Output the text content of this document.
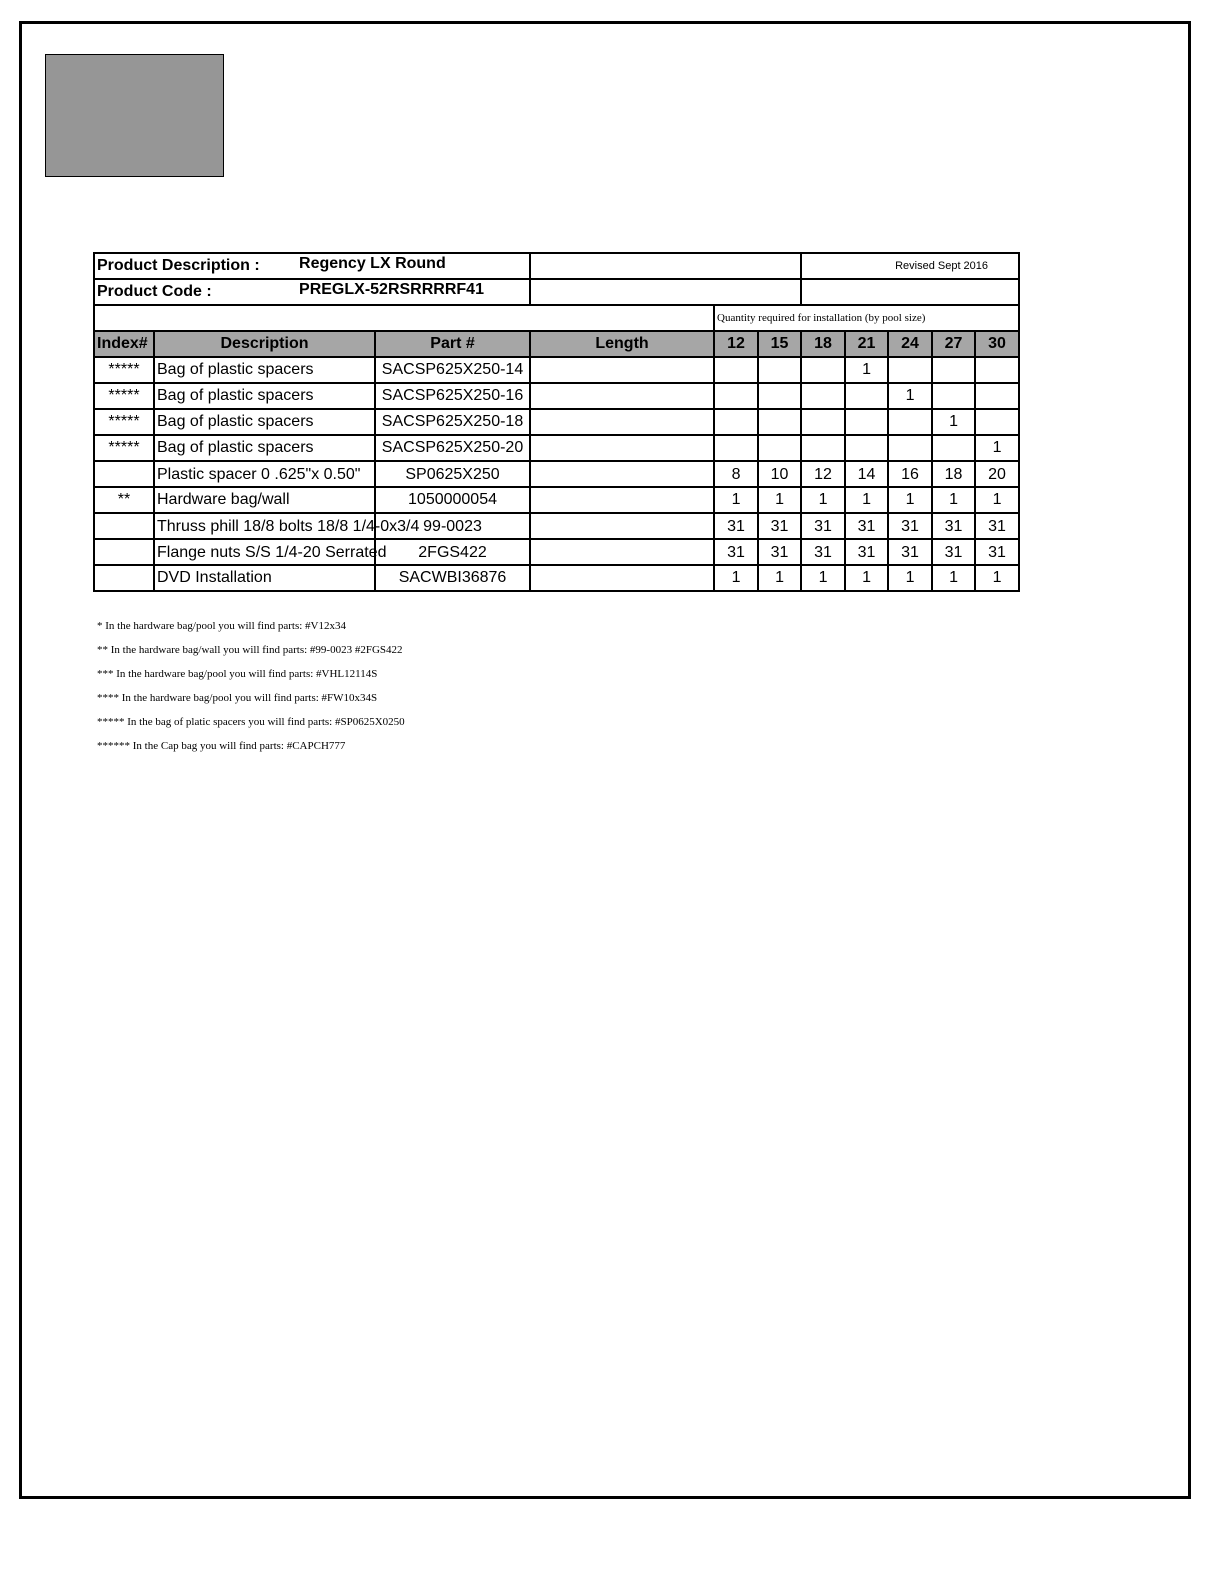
Product Description :			Regency LX Round			Revised Sept 2016				
Product Code :			PREGLX-52RSRRRRF41							

				Quantity required for installation (by pool size)						
Index#	Description	Part #	Length	12	15	18	21	24	27	30
*****	Bag of plastic spacers	SACSP625X250-14					1			
*****	Bag of plastic spacers	SACSP625X250-16						1		
*****	Bag of plastic spacers	SACSP625X250-18							1	
*****	Bag of plastic spacers	SACSP625X250-20								1
	Plastic spacer 0 .625"x 0.50"	SP0625X250		8	10	12	14	16	18	20
**	Hardware bag/wall	1050000054		1	1	1	1	1	1	1
	Thruss phill 18/8 bolts 18/8 1/4-0x3/4	99-0023		31	31	31	31	31	31	31
	Flange nuts S/S 1/4-20 Serrated	2FGS422		31	31	31	31	31	31	31
	DVD Installation	SACWBI36876		1	1	1	1	1	1	1
* In the hardware bag/pool you will find parts: #V12x34
** In the hardware bag/wall you will find parts: #99-0023 #2FGS422
*** In the hardware bag/pool you will find parts: #VHL12114S
**** In the hardware bag/pool you will find parts: #FW10x34S
***** In the bag of platic spacers you will find parts: #SP0625X0250
****** In the Cap bag you will find parts: #CAPCH777
